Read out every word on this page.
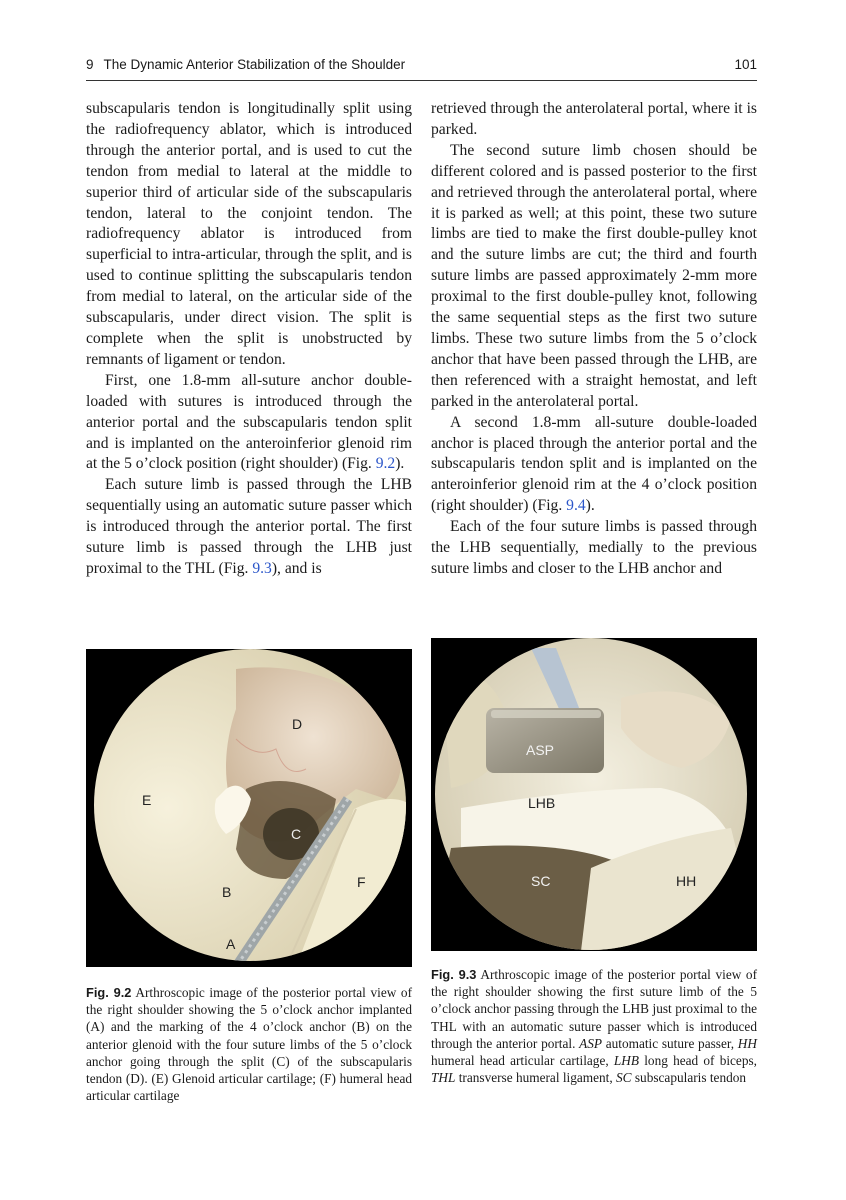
9 The Dynamic Anterior Stabilization of the Shoulder	101

subscapularis tendon is longitudinally split using the radiofrequency ablator, which is introduced through the anterior portal, and is used to cut the tendon from medial to lateral at the middle to superior third of articular side of the subscapularis tendon, lateral to the conjoint tendon. The radiofrequency ablator is introduced from superficial to intra-articular, through the split, and is used to continue splitting the subscapularis tendon from medial to lateral, on the articular side of the subscapularis, under direct vision. The split is complete when the split is unobstructed by remnants of ligament or tendon.

First, one 1.8-mm all-suture anchor double-loaded with sutures is introduced through the anterior portal and the subscapularis tendon split and is implanted on the anteroinferior glenoid rim at the 5 o’clock position (right shoulder) (Fig. 9.2).

Each suture limb is passed through the LHB sequentially using an automatic suture passer which is introduced through the anterior portal. The first suture limb is passed through the LHB just proximal to the THL (Fig. 9.3), and is

retrieved through the anterolateral portal, where it is parked.

The second suture limb chosen should be different colored and is passed posterior to the first and retrieved through the anterolateral portal, where it is parked as well; at this point, these two suture limbs are tied to make the first double-pulley knot and the suture limbs are cut; the third and fourth suture limbs are passed approximately 2-mm more proximal to the first double-pulley knot, following the same sequential steps as the first two suture limbs. These two suture limbs from the 5 o’clock anchor that have been passed through the LHB, are then referenced with a straight hemostat, and left parked in the anterolateral portal.

A second 1.8-mm all-suture double-loaded anchor is placed through the anterior portal and the subscapularis tendon split and is implanted on the anteroinferior glenoid rim at the 4 o’clock position (right shoulder) (Fig. 9.4).

Each of the four suture limbs is passed through the LHB sequentially, medially to the previous suture limbs and closer to the LHB anchor and

D
E
C
F
B
A
ASP
LHB
SC	HH
Fig. 9.2 Arthroscopic image of the posterior portal view of the right shoulder showing the 5 o’clock anchor implanted (A) and the marking of the 4 o’clock anchor (B) on the anterior glenoid with the four suture limbs of the 5 o’clock anchor going through the split (C) of the subscapularis tendon (D). (E) Glenoid articular cartilage; (F) humeral head articular cartilage
Fig. 9.3 Arthroscopic image of the posterior portal view of the right shoulder showing the first suture limb of the 5 o’clock anchor passing through the LHB just proximal to the THL with an automatic suture passer which is introduced through the anterior portal. ASP automatic suture passer, HH humeral head articular cartilage, LHB long head of biceps, THL transverse humeral ligament, SC subscapularis tendon
